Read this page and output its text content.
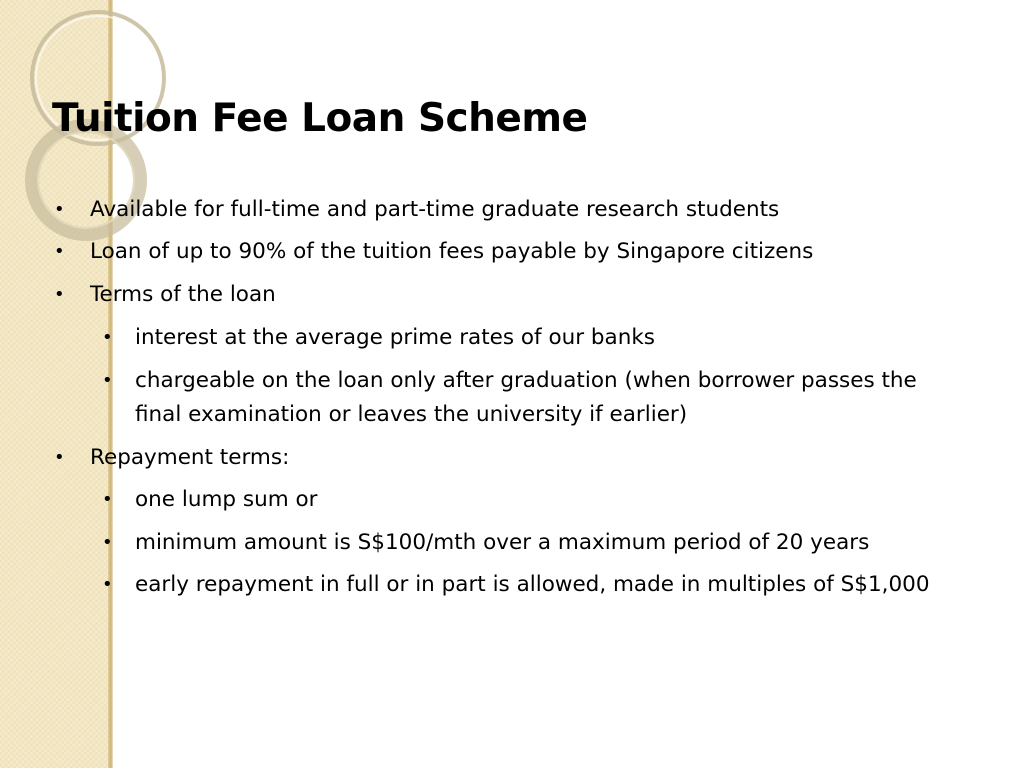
Tuition Fee Loan Scheme
• Available for full-time and part-time graduate research students
• Loan of up to 90% of the tuition fees payable by Singapore citizens
• Terms of the loan
• interest at the average prime rates of our banks
• chargeable on the loan only after graduation (when borrower passes the
final examination or leaves the university if earlier)
• Repayment terms:
• one lump sum or
• minimum amount is S$100/mth over a maximum period of 20 years
• early repayment in full or in part is allowed, made in multiples of S$1,000
